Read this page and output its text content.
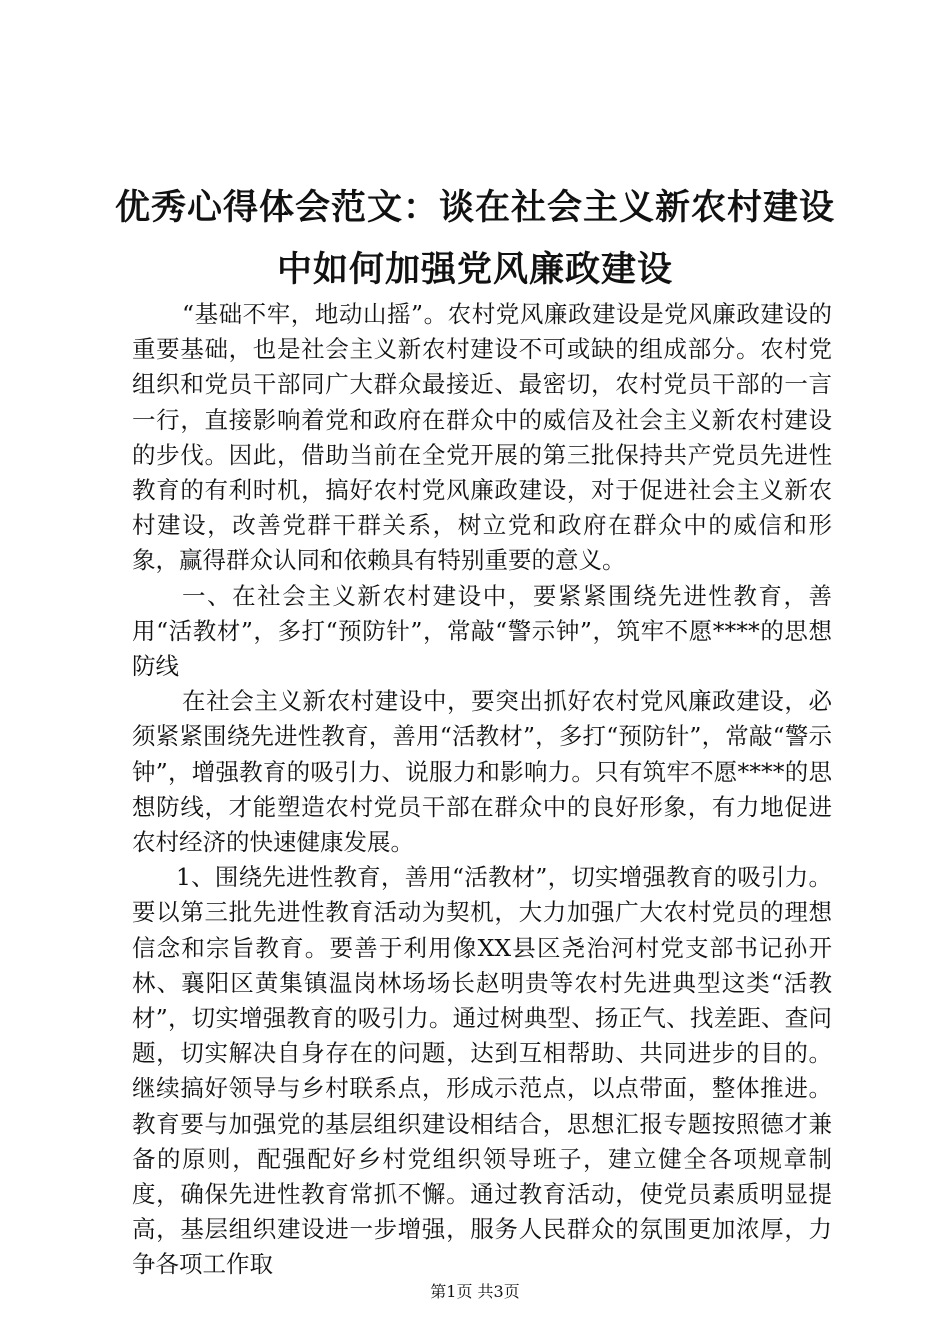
优秀心得体会范文：谈在社会主义新农村建设
中如何加强党风廉政建设

“基础不牢，地动山摇”。农村党风廉政建设是党风廉政建设的重要基础，也是社会主义新农村建设不可或缺的组成部分。农村党组织和党员干部同广大群众最接近、最密切，农村党员干部的一言一行，直接影响着党和政府在群众中的威信及社会主义新农村建设的步伐。因此，借助当前在全党开展的第三批保持共产党员先进性教育的有利时机，搞好农村党风廉政建设，对于促进社会主义新农村建设，改善党群干群关系，树立党和政府在群众中的威信和形象，赢得群众认同和依赖具有特别重要的意义。

一、在社会主义新农村建设中，要紧紧围绕先进性教育，善用“活教材”，多打“预防针”，常敲“警示钟”，筑牢不愿****的思想防线

在社会主义新农村建设中，要突出抓好农村党风廉政建设，必须紧紧围绕先进性教育，善用“活教材”，多打“预防针”，常敲“警示钟”，增强教育的吸引力、说服力和影响力。只有筑牢不愿****的思想防线，才能塑造农村党员干部在群众中的良好形象，有力地促进农村经济的快速健康发展。

1、围绕先进性教育，善用“活教材”，切实增强教育的吸引力。要以第三批先进性教育活动为契机，大力加强广大农村党员的理想信念和宗旨教育。要善于利用像XX县区尧治河村党支部书记孙开林、襄阳区黄集镇温岗林场场长赵明贵等农村先进典型这类“活教材”，切实增强教育的吸引力。通过树典型、扬正气、找差距、查问题，切实解决自身存在的问题，达到互相帮助、共同进步的目的。继续搞好领导与乡村联系点，形成示范点，以点带面，整体推进。教育要与加强党的基层组织建设相结合，思想汇报专题按照德才兼备的原则，配强配好乡村党组织领导班子，建立健全各项规章制度，确保先进性教育常抓不懈。通过教育活动，使党员素质明显提高，基层组织建设进一步增强，服务人民群众的氛围更加浓厚，力争各项工作取

第1页 共3页
